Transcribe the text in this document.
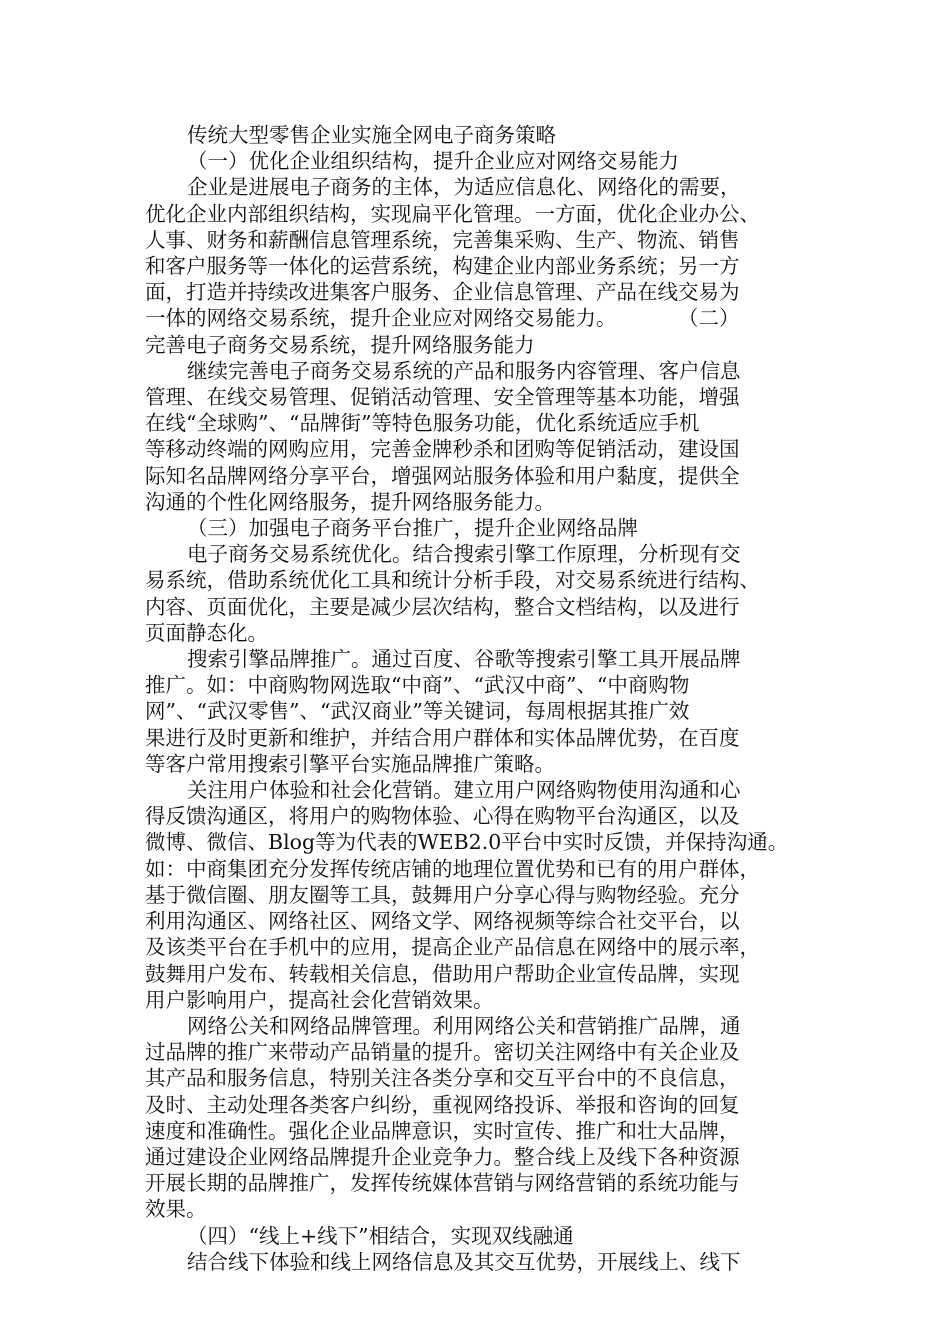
传统大型零售企业实施全网电子商务策略
（一）优化企业组织结构，提升企业应对网络交易能力
企业是进展电子商务的主体，为适应信息化、网络化的需要，
优化企业内部组织结构，实现扁平化管理。一方面，优化企业办公、
人事、财务和薪酬信息管理系统，完善集采购、生产、物流、销售
和客户服务等一体化的运营系统，构建企业内部业务系统；另一方
面，打造并持续改进集客户服务、企业信息管理、产品在线交易为
一体的网络交易系统，提升企业应对网络交易能力。　　　　（二）
完善电子商务交易系统，提升网络服务能力
继续完善电子商务交易系统的产品和服务内容管理、客户信息
管理、在线交易管理、促销活动管理、安全管理等基本功能，增强
在线“全球购”、“品牌街”等特色服务功能，优化系统适应手机
等移动终端的网购应用，完善金牌秒杀和团购等促销活动，建设国
际知名品牌网络分享平台，增强网站服务体验和用户黏度，提供全
沟通的个性化网络服务，提升网络服务能力。
（三）加强电子商务平台推广，提升企业网络品牌
电子商务交易系统优化。结合搜索引擎工作原理，分析现有交
易系统，借助系统优化工具和统计分析手段，对交易系统进行结构、
内容、页面优化，主要是减少层次结构，整合文档结构，以及进行
页面静态化。
搜索引擎品牌推广。通过百度、谷歌等搜索引擎工具开展品牌
推广。如：中商购物网选取“中商”、“武汉中商”、“中商购物
网”、“武汉零售”、“武汉商业”等关键词，每周根据其推广效
果进行及时更新和维护，并结合用户群体和实体品牌优势，在百度
等客户常用搜索引擎平台实施品牌推广策略。
关注用户体验和社会化营销。建立用户网络购物使用沟通和心
得反馈沟通区，将用户的购物体验、心得在购物平台沟通区，以及
微博、微信、Blog等为代表的WEB2.0平台中实时反馈，并保持沟通。
如：中商集团充分发挥传统店铺的地理位置优势和已有的用户群体，
基于微信圈、朋友圈等工具，鼓舞用户分享心得与购物经验。充分
利用沟通区、网络社区、网络文学、网络视频等综合社交平台，以
及该类平台在手机中的应用，提高企业产品信息在网络中的展示率，
鼓舞用户发布、转载相关信息，借助用户帮助企业宣传品牌，实现
用户影响用户，提高社会化营销效果。
网络公关和网络品牌管理。利用网络公关和营销推广品牌，通
过品牌的推广来带动产品销量的提升。密切关注网络中有关企业及
其产品和服务信息，特别关注各类分享和交互平台中的不良信息，
及时、主动处理各类客户纠纷，重视网络投诉、举报和咨询的回复
速度和准确性。强化企业品牌意识，实时宣传、推广和壮大品牌，
通过建设企业网络品牌提升企业竞争力。整合线上及线下各种资源
开展长期的品牌推广，发挥传统媒体营销与网络营销的系统功能与
效果。
（四）“线上+线下”相结合，实现双线融通
结合线下体验和线上网络信息及其交互优势，开展线上、线下
